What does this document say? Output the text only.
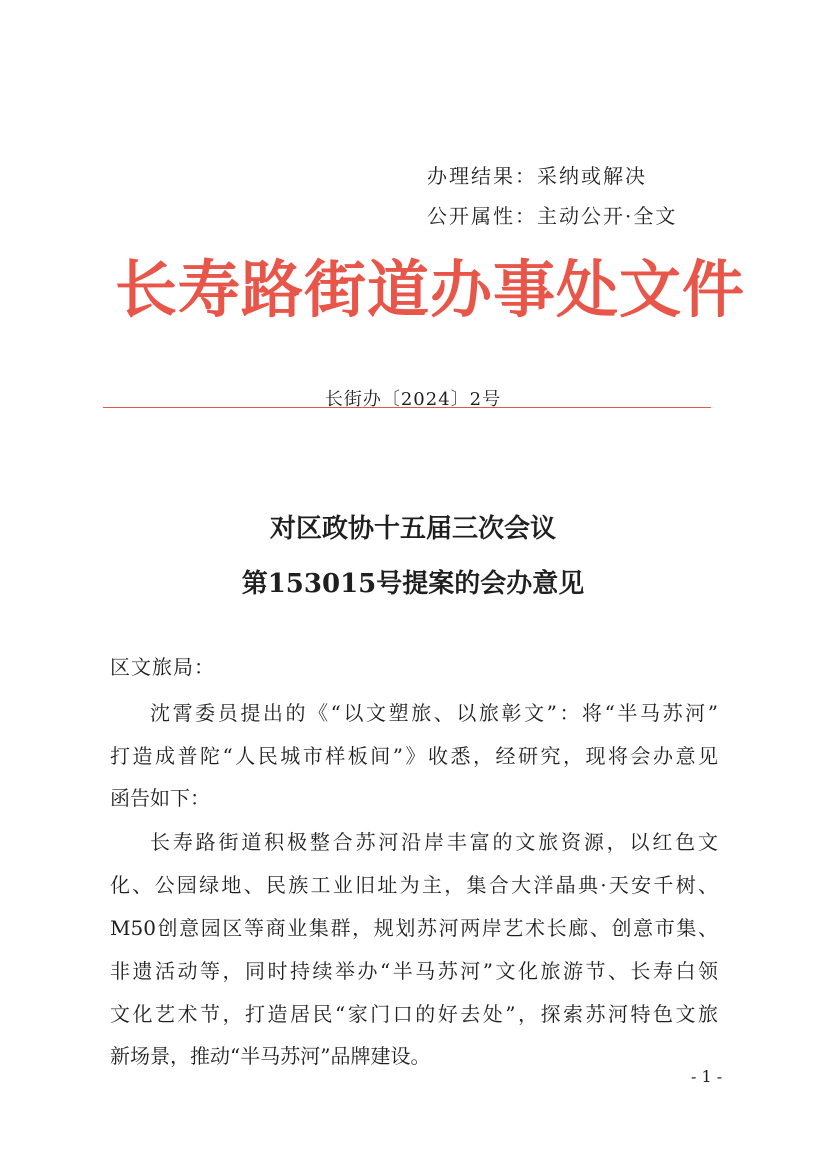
办理结果：采纳或解决
公开属性：主动公开·全文
长寿路街道办事处文件
长街办〔2024〕2号
对区政协十五届三次会议
第153015号提案的会办意见
区文旅局：
沈霄委员提出的《“以文塑旅、以旅彰文”：将“半马苏河”
打造成普陀“人民城市样板间”》收悉，经研究，现将会办意见
函告如下：
长寿路街道积极整合苏河沿岸丰富的文旅资源，以红色文
化、公园绿地、民族工业旧址为主，集合大洋晶典·天安千树、
M50创意园区等商业集群，规划苏河两岸艺术长廊、创意市集、
非遗活动等，同时持续举办“半马苏河”文化旅游节、长寿白领
文化艺术节，打造居民“家门口的好去处”，探索苏河特色文旅
新场景，推动“半马苏河”品牌建设。
- 1 -
